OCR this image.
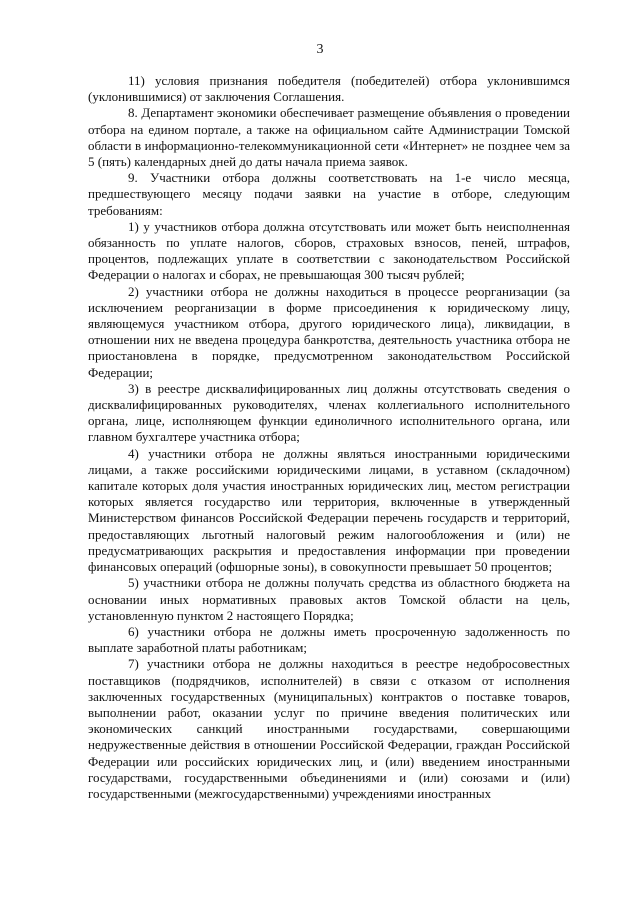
3

11) условия признания победителя (победителей) отбора уклонившимся (уклонившимися) от заключения Соглашения.

8. Департамент экономики обеспечивает размещение объявления о проведении отбора на едином портале, а также на официальном сайте Администрации Томской области в информационно-телекоммуникационной сети «Интернет» не позднее чем за 5 (пять) календарных дней до даты начала приема заявок.

9. Участники отбора должны соответствовать на 1-е число месяца, предшествующего месяцу подачи заявки на участие в отборе, следующим требованиям:

1) у участников отбора должна отсутствовать или может быть неисполненная обязанность по уплате налогов, сборов, страховых взносов, пеней, штрафов, процентов, подлежащих уплате в соответствии с законодательством Российской Федерации о налогах и сборах, не превышающая 300 тысяч рублей;

2) участники отбора не должны находиться в процессе реорганизации (за исключением реорганизации в форме присоединения к юридическому лицу, являющемуся участником отбора, другого юридического лица), ликвидации, в отношении них не введена процедура банкротства, деятельность участника отбора не приостановлена в порядке, предусмотренном законодательством Российской Федерации;

3) в реестре дисквалифицированных лиц должны отсутствовать сведения о дисквалифицированных руководителях, членах коллегиального исполнительного органа, лице, исполняющем функции единоличного исполнительного органа, или главном бухгалтере участника отбора;

4) участники отбора не должны являться иностранными юридическими лицами, а также российскими юридическими лицами, в уставном (складочном) капитале которых доля участия иностранных юридических лиц, местом регистрации которых является государство или территория, включенные в утвержденный Министерством финансов Российской Федерации перечень государств и территорий, предоставляющих льготный налоговый режим налогообложения и (или) не предусматривающих раскрытия и предоставления информации при проведении финансовых операций (офшорные зоны), в совокупности превышает 50 процентов;

5) участники отбора не должны получать средства из областного бюджета на основании иных нормативных правовых актов Томской области на цель, установленную пунктом 2 настоящего Порядка;

6) участники отбора не должны иметь просроченную задолженность по выплате заработной платы работникам;

7) участники отбора не должны находиться в реестре недобросовестных поставщиков (подрядчиков, исполнителей) в связи с отказом от исполнения заключенных государственных (муниципальных) контрактов о поставке товаров, выполнении работ, оказании услуг по причине введения политических или экономических санкций иностранными государствами, совершающими недружественные действия в отношении Российской Федерации, граждан Российской Федерации или российских юридических лиц, и (или) введением иностранными государствами, государственными объединениями и (или) союзами и (или) государственными (межгосударственными) учреждениями иностранных
